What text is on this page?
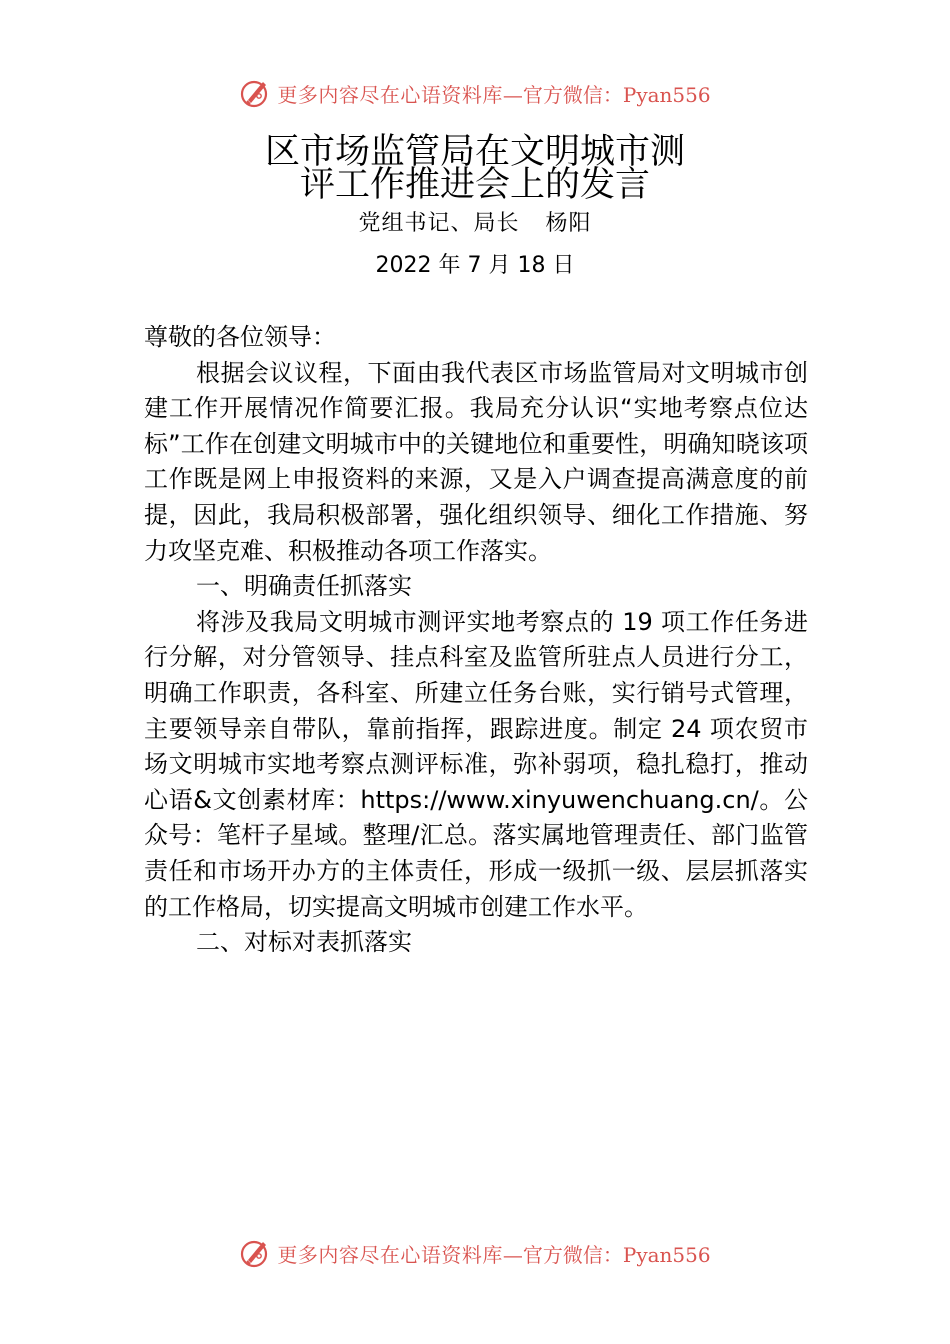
更多内容尽在心语资料库 —官方微信：Pyan556
区市场监管局在文明城市测
评工作推进会上的发言
党组书记、局长 杨阳
2022 年 7 月 18 日

尊敬的各位领导：

根据会议议程，下面由我代表区市场监管局对文明城市创建工作开展情况作简要汇报。我局充分认识“实地考察点位达标”工作在创建文明城市中的关键地位和重要性，明确知晓该项工作既是网上申报资料的来源，又是入户调查提高满意度的前提，因此，我局积极部署，强化组织领导、细化工作措施、努力攻坚克难、积极推动各项工作落实。

一、明确责任抓落实

将涉及我局文明城市测评实地考察点的 19 项工作任务进行分解，对分管领导、挂点科室及监管所驻点人员进行分工，明确工作职责，各科室、所建立任务台账，实行销号式管理，主要领导亲自带队，靠前指挥，跟踪进度。制定 24 项农贸市场文明城市实地考察点测评标准，弥补弱项，稳扎稳打，推动心语&文创素材库：https://www.xinyuwenchuang.cn/。公众号：笔杆子星域。整理/汇总。落实属地管理责任、部门监管责任和市场开办方的主体责任，形成一级抓一级、层层抓落实的工作格局，切实提高文明城市创建工作水平。

二、对标对表抓落实

更多内容尽在心语资料库 —官方微信：Pyan556
